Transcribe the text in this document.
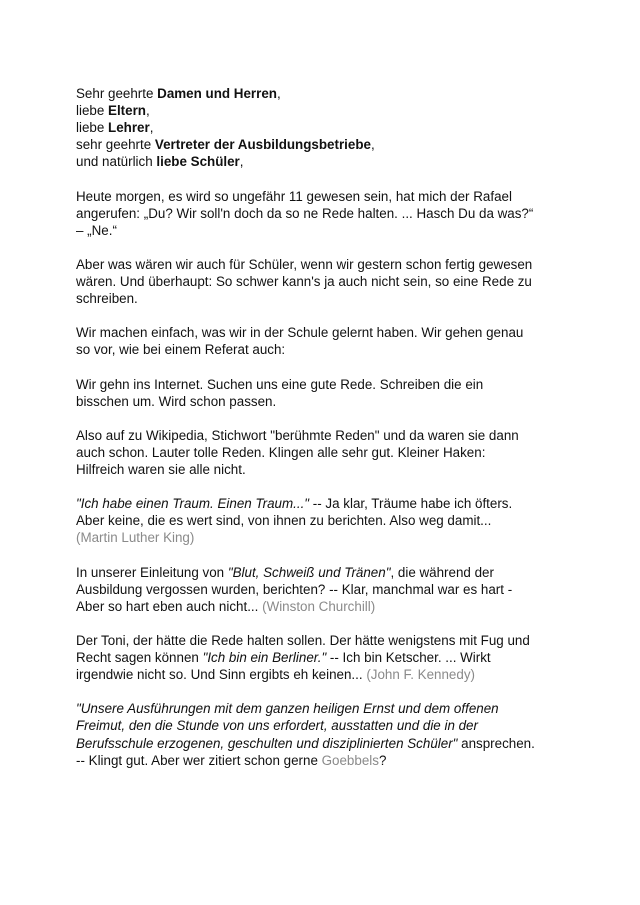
Sehr geehrte Damen und Herren,
liebe Eltern,
liebe Lehrer,
sehr geehrte Vertreter der Ausbildungsbetriebe,
und natürlich liebe Schüler,
Heute morgen, es wird so ungefähr 11 gewesen sein, hat mich der Rafael
angerufen: „Du? Wir soll'n doch da so ne Rede halten. ... Hasch Du da was?“
– „Ne.“
Aber was wären wir auch für Schüler, wenn wir gestern schon fertig gewesen
wären. Und überhaupt: So schwer kann's ja auch nicht sein, so eine Rede zu
schreiben.
Wir machen einfach, was wir in der Schule gelernt haben. Wir gehen genau
so vor, wie bei einem Referat auch:
Wir gehn ins Internet. Suchen uns eine gute Rede. Schreiben die ein
bisschen um. Wird schon passen.
Also auf zu Wikipedia, Stichwort "berühmte Reden" und da waren sie dann
auch schon. Lauter tolle Reden. Klingen alle sehr gut. Kleiner Haken:
Hilfreich waren sie alle nicht.
"Ich habe einen Traum. Einen Traum..." -- Ja klar, Träume habe ich öfters.
Aber keine, die es wert sind, von ihnen zu berichten. Also weg damit...
(Martin Luther King)
In unserer Einleitung von "Blut, Schweiß und Tränen", die während der
Ausbildung vergossen wurden, berichten? -- Klar, manchmal war es hart -
Aber so hart eben auch nicht... (Winston Churchill)
Der Toni, der hätte die Rede halten sollen. Der hätte wenigstens mit Fug und
Recht sagen können "Ich bin ein Berliner." -- Ich bin Ketscher. ... Wirkt
irgendwie nicht so. Und Sinn ergibts eh keinen... (John F. Kennedy)
"Unsere Ausführungen mit dem ganzen heiligen Ernst und dem offenen
Freimut, den die Stunde von uns erfordert, ausstatten und die in der
Berufsschule erzogenen, geschulten und disziplinierten Schüler" ansprechen.
-- Klingt gut. Aber wer zitiert schon gerne Goebbels?
